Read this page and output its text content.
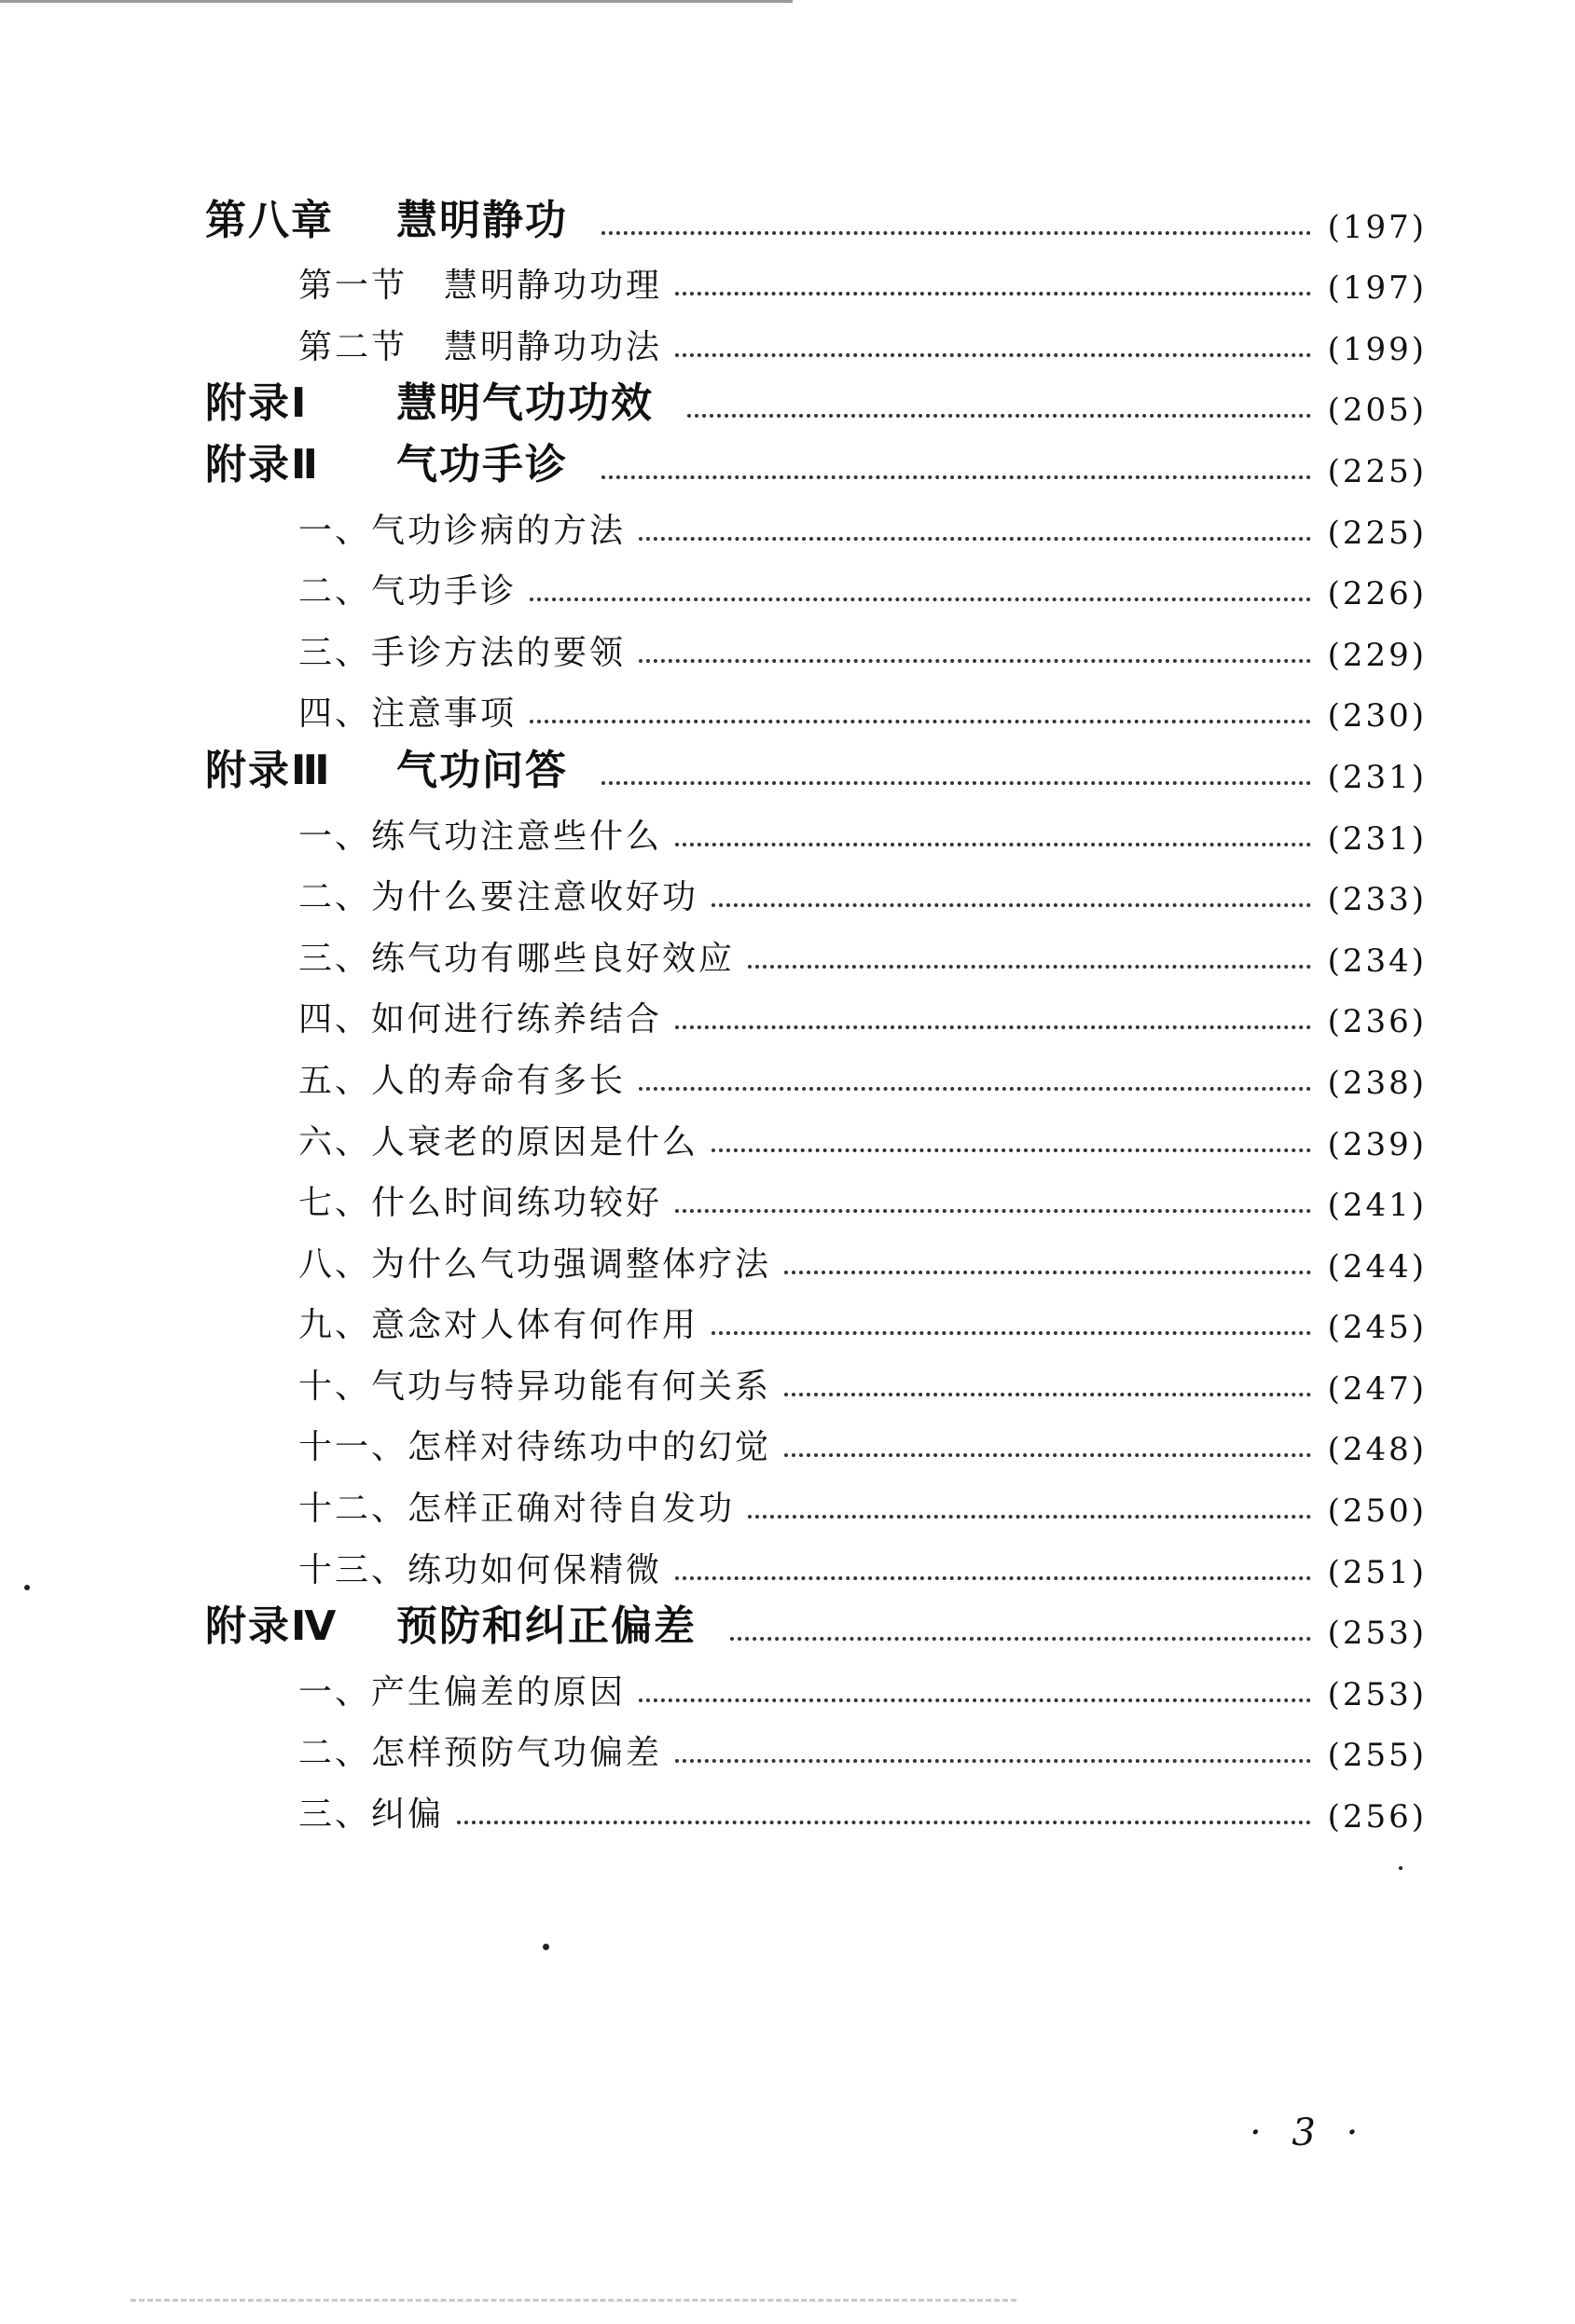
第八章 慧明静功	(197)
第一节　慧明静功功理	(197)
第二节　慧明静功功法	(199)
附录Ⅰ 慧明气功功效	(205)
附录Ⅱ 气功手诊	(225)
一、气功诊病的方法	(225)
二、气功手诊	(226)
三、手诊方法的要领	(229)
四、注意事项	(230)
附录Ⅲ 气功问答	(231)
一、练气功注意些什么	(231)
二、为什么要注意收好功	(233)
三、练气功有哪些良好效应	(234)
四、如何进行练养结合	(236)
五、人的寿命有多长	(238)
六、人衰老的原因是什么	(239)
七、什么时间练功较好	(241)
八、为什么气功强调整体疗法	(244)
九、意念对人体有何作用	(245)
十、气功与特异功能有何关系	(247)
十一、怎样对待练功中的幻觉	(248)
十二、怎样正确对待自发功	(250)
十三、练功如何保精微	(251)
附录Ⅳ 预防和纠正偏差	(253)
一、产生偏差的原因	(253)
二、怎样预防气功偏差	(255)
三、纠偏	(256)
· 3 ·
